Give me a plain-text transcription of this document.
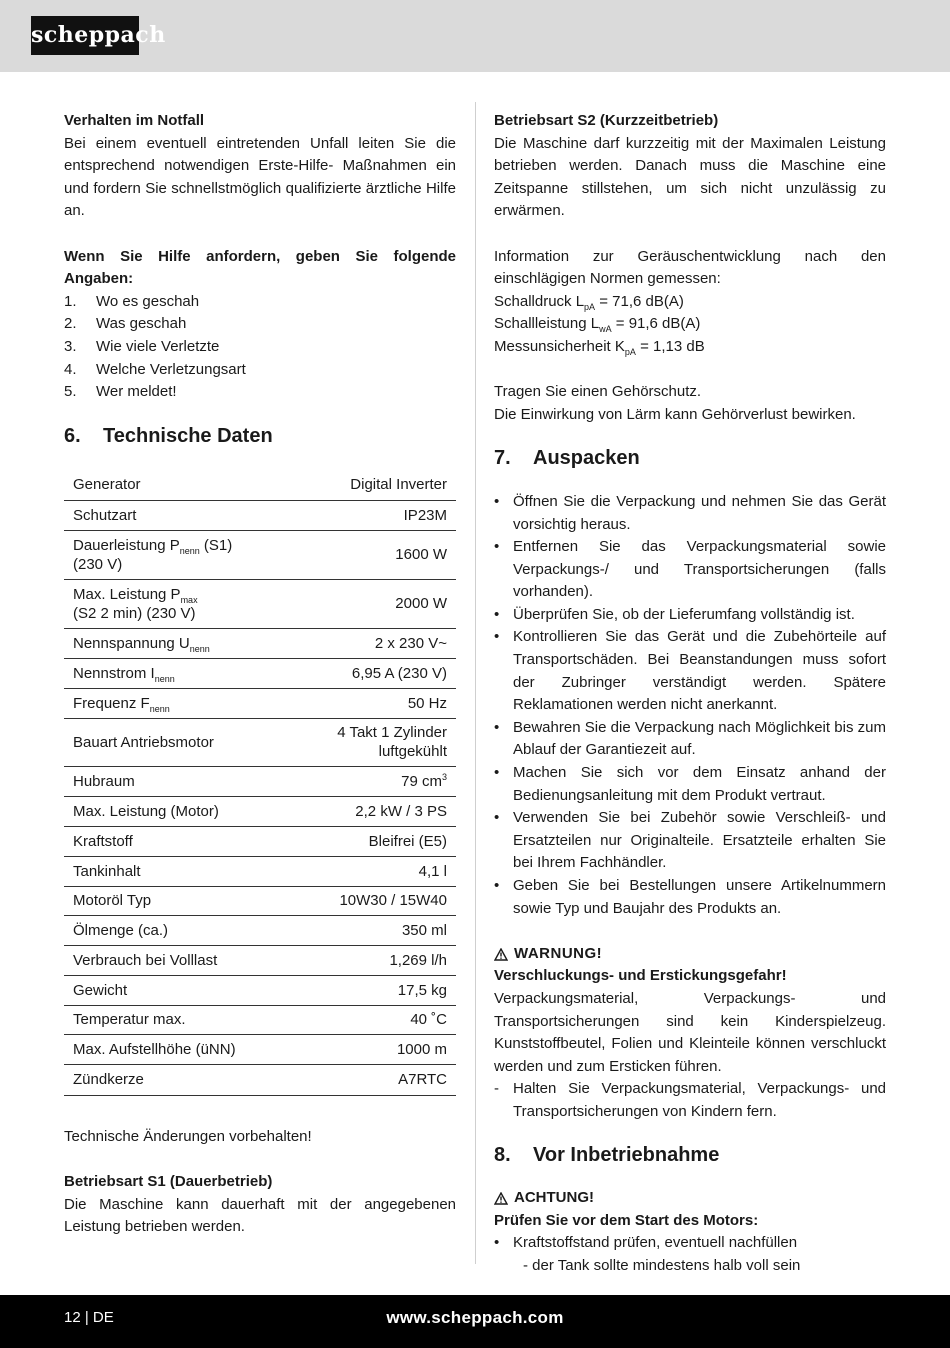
scheppach

Verhalten im Notfall

Bei einem eventuell eintretenden Unfall leiten Sie die entsprechend notwendigen Erste-Hilfe- Maßnahmen ein und fordern Sie schnellstmöglich qualifizierte ärztliche Hilfe an.

Wenn Sie Hilfe anfordern, geben Sie folgende Angaben:

1.	Wo es geschah
2.	Was geschah
3.	Wie viele Verletzte
4.	Welche Verletzungsart
5.	Wer meldet!
6.	Technische Daten
Generator	Digital Inverter
Schutzart	IP23M
Dauerleistung $P_{nenn}$ (S1)
(230 V)	1600 W
Max. Leistung $P_{max}$
(S2 2 min) (230 V)	2000 W
Nennspannung $U_{nenn}$	2 x 230 V~
Nennstrom $I_{nenn}$	6,95 A (230 V)
Frequenz $F_{nenn}$	50 Hz
Bauart Antriebsmotor	4 Takt 1 Zylinder
luftgekühlt
Hubraum	79 $cm^3$
Max. Leistung (Motor)	2,2 kW / 3 PS
Kraftstoff	Bleifrei (E5)
Tankinhalt	4,1 l
Motoröl Typ	10W30 / 15W40
Ölmenge (ca.)	350 ml
Verbrauch bei Volllast	1,269 l/h
Gewicht	17,5 kg
Temperatur max.	40 ˚C
Max. Aufstellhöhe (üNN)	1000 m
Zündkerze	A7RTC

Technische Änderungen vorbehalten!

Betriebsart S1 (Dauerbetrieb)

Die Maschine kann dauerhaft mit der angegebenen Leistung betrieben werden.

Betriebsart S2 (Kurzzeitbetrieb)

Die Maschine darf kurzzeitig mit der Maximalen Leistung betrieben werden. Danach muss die Maschine eine Zeitspanne stillstehen, um sich nicht unzulässig zu erwärmen.

Information zur Geräuschentwicklung nach den einschlägigen Normen gemessen:

Schalldruck $L_{pA} = 71,6$ dB(A)

Schallleistung $L_{wA} = 91,6$ dB(A)

Messunsicherheit $K_{pA} = 1,13$ dB

Tragen Sie einen Gehörschutz.

Die Einwirkung von Lärm kann Gehörverlust bewirken.

7.	Auspacken
• Öffnen Sie die Verpackung und nehmen Sie das Gerät vorsichtig heraus.
• Entfernen Sie das Verpackungsmaterial sowie Verpackungs-/ und Transportsicherungen (falls vorhanden).
• Überprüfen Sie, ob der Lieferumfang vollständig ist.
• Kontrollieren Sie das Gerät und die Zubehörteile auf Transportschäden. Bei Beanstandungen muss sofort der Zubringer verständigt werden. Spätere Reklamationen werden nicht anerkannt.
• Bewahren Sie die Verpackung nach Möglichkeit bis zum Ablauf der Garantiezeit auf.
• Machen Sie sich vor dem Einsatz anhand der Bedienungsanleitung mit dem Produkt vertraut.
• Verwenden Sie bei Zubehör sowie Verschleiß- und Ersatzteilen nur Originalteile. Ersatzteile erhalten Sie bei Ihrem Fachhändler.
• Geben Sie bei Bestellungen unsere Artikelnummern sowie Typ und Baujahr des Produkts an.
WARNUNG!

Verschluckungs- und Erstickungsgefahr!

Verpackungsmaterial, Verpackungs- und Transportsicherungen sind kein Kinderspielzeug. Kunststoffbeutel, Folien und Kleinteile können verschluckt werden und zum Ersticken führen.

- Halten Sie Verpackungsmaterial, Verpackungs- und Transportsicherungen von Kindern fern.
8.	Vor Inbetriebnahme
ACHTUNG!

Prüfen Sie vor dem Start des Motors:

• Kraftstoffstand prüfen, eventuell nachfüllen
- der Tank sollte mindestens halb voll sein
12 | DE	www.scheppach.com
